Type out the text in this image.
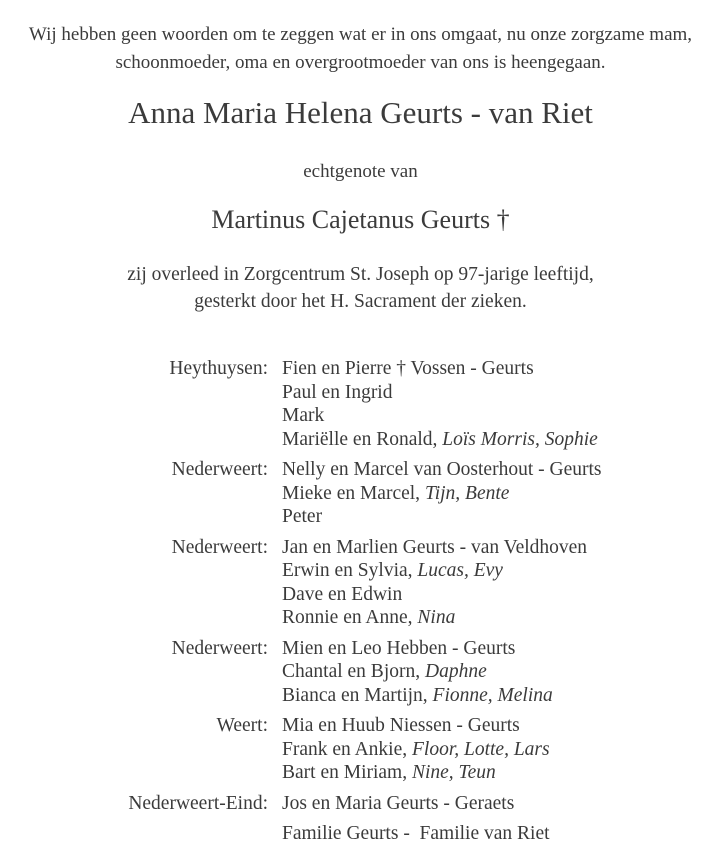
Wij hebben geen woorden om te zeggen wat er in ons omgaat, nu onze zorgzame mam,
schoonmoeder, oma en overgrootmoeder van ons is heengegaan.
Anna Maria Helena Geurts - van Riet
echtgenote van
Martinus Cajetanus Geurts †
zij overleed in Zorgcentrum St. Joseph op 97-jarige leeftijd,
gesterkt door het H. Sacrament der zieken.
Heythuysen: Fien en Pierre † Vossen - Geurts
Paul en Ingrid
Mark
Mariëlle en Ronald, Loïs Morris, Sophie
Nederweert: Nelly en Marcel van Oosterhout - Geurts
Mieke en Marcel, Tijn, Bente
Peter
Nederweert: Jan en Marlien Geurts - van Veldhoven
Erwin en Sylvia, Lucas, Evy
Dave en Edwin
Ronnie en Anne, Nina
Nederweert: Mien en Leo Hebben - Geurts
Chantal en Bjorn, Daphne
Bianca en Martijn, Fionne, Melina
Weert: Mia en Huub Niessen - Geurts
Frank en Ankie, Floor, Lotte, Lars
Bart en Miriam, Nine, Teun
Nederweert-Eind: Jos en Maria Geurts - Geraets
Familie Geurts -  Familie van Riet
